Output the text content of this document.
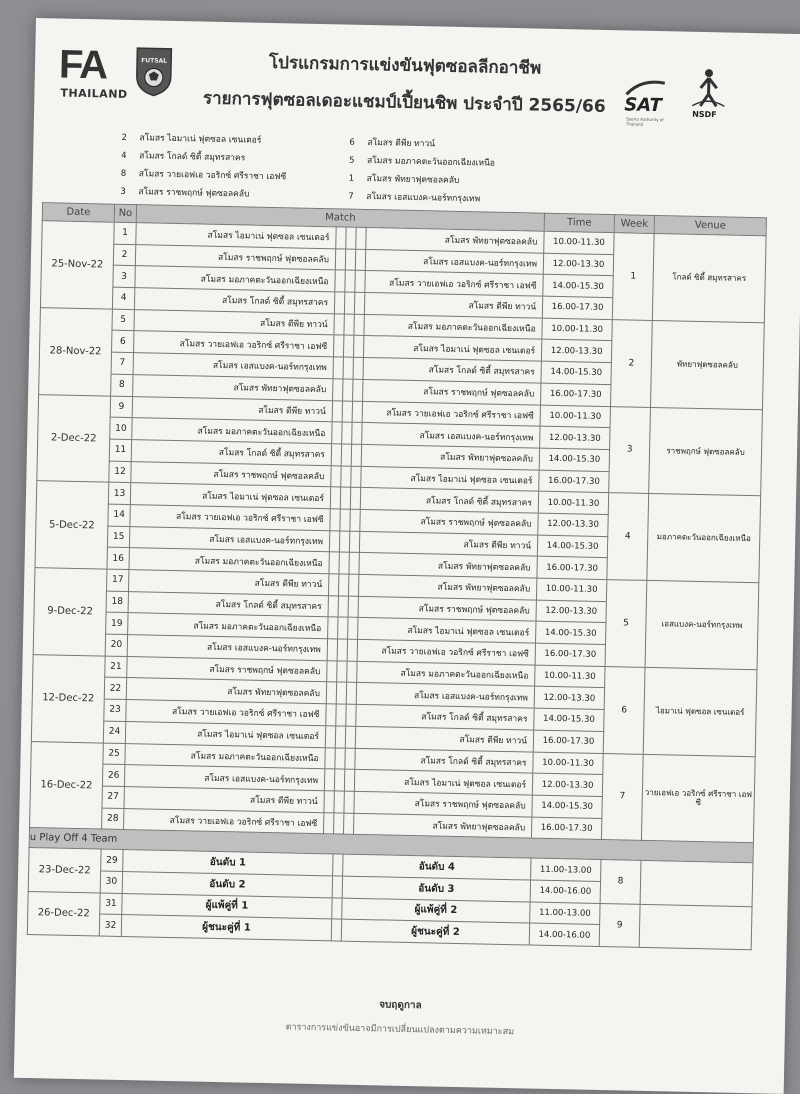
FA
THAILAND
FUTSAL	โปรแกรมการแข่งขันฟุตซอลลีกอาชีพ
รายการฟุตซอลเดอะแชมป์เปี้ยนชิพ ประจำปี 2565/66	SAT
Sports Authority of Thailand
NSDF
2 สโมสร ไอมาเน่ ฟุตซอล เซนเตอร์
4 สโมสร โกลด์ ซิตี้ สมุทรสาคร
8 สโมสร วายเอฟเอ วอริกซ์ ศรีราชา เอฟซี
3 สโมสร ราชพฤกษ์ ฟุตซอลคลับ
6 สโมสร ดีพีย ทาวน์
5 สโมสร มอภาคตะวันออกเฉียงเหนือ
1 สโมสร พัทยาฟุตซอลคลับ
7 สโมสร เอสแบงค-นอร์ทกรุงเทพ
Date	No	Match					Time	Week	Venue
25-Nov-22	1	สโมสร ไอมาเน่ ฟุตซอล เซนเตอร์				สโมสร พัทยาฟุตซอลคลับ	10.00-11.30	1	โกลด์ ซิตี้ สมุทรสาคร
	2	สโมสร ราชพฤกษ์ ฟุตซอลคลับ				สโมสร เอสแบงค-นอร์ทกรุงเทพ	12.00-13.30		
	3	สโมสร มอภาคตะวันออกเฉียงเหนือ				สโมสร วายเอฟเอ วอริกซ์ ศรีราชา เอฟซี	14.00-15.30		
	4	สโมสร โกลด์ ซิตี้ สมุทรสาคร				สโมสร ดีพีย ทาวน์	16.00-17.30		
28-Nov-22	5	สโมสร ดีพีย ทาวน์				สโมสร มอภาคตะวันออกเฉียงเหนือ	10.00-11.30	2	พัทยาฟุตซอลคลับ
	6	สโมสร วายเอฟเอ วอริกซ์ ศรีราชา เอฟซี				สโมสร ไอมาเน่ ฟุตซอล เซนเตอร์	12.00-13.30		
	7	สโมสร เอสแบงค-นอร์ทกรุงเทพ				สโมสร โกลด์ ซิตี้ สมุทรสาคร	14.00-15.30		
	8	สโมสร พัทยาฟุตซอลคลับ				สโมสร ราชพฤกษ์ ฟุตซอลคลับ	16.00-17.30		
2-Dec-22	9	สโมสร ดีพีย ทาวน์				สโมสร วายเอฟเอ วอริกซ์ ศรีราชา เอฟซี	10.00-11.30	3	ราชพฤกษ์ ฟุตซอลคลับ
	10	สโมสร มอภาคตะวันออกเฉียงเหนือ				สโมสร เอสแบงค-นอร์ทกรุงเทพ	12.00-13.30		
	11	สโมสร โกลด์ ซิตี้ สมุทรสาคร				สโมสร พัทยาฟุตซอลคลับ	14.00-15.30		
	12	สโมสร ราชพฤกษ์ ฟุตซอลคลับ				สโมสร ไอมาเน่ ฟุตซอล เซนเตอร์	16.00-17.30		
5-Dec-22	13	สโมสร ไอมาเน่ ฟุตซอล เซนเตอร์				สโมสร โกลด์ ซิตี้ สมุทรสาคร	10.00-11.30	4	มอภาคตะวันออกเฉียงเหนือ
	14	สโมสร วายเอฟเอ วอริกซ์ ศรีราชา เอฟซี				สโมสร ราชพฤกษ์ ฟุตซอลคลับ	12.00-13.30		
	15	สโมสร เอสแบงค-นอร์ทกรุงเทพ				สโมสร ดีพีย ทาวน์	14.00-15.30		
	16	สโมสร มอภาคตะวันออกเฉียงเหนือ				สโมสร พัทยาฟุตซอลคลับ	16.00-17.30		
9-Dec-22	17	สโมสร ดีพีย ทาวน์				สโมสร พัทยาฟุตซอลคลับ	10.00-11.30	5	เอสแบงค-นอร์ทกรุงเทพ
	18	สโมสร โกลด์ ซิตี้ สมุทรสาคร				สโมสร ราชพฤกษ์ ฟุตซอลคลับ	12.00-13.30		
	19	สโมสร มอภาคตะวันออกเฉียงเหนือ				สโมสร ไอมาเน่ ฟุตซอล เซนเตอร์	14.00-15.30		
	20	สโมสร เอสแบงค-นอร์ทกรุงเทพ				สโมสร วายเอฟเอ วอริกซ์ ศรีราชา เอฟซี	16.00-17.30		
12-Dec-22	21	สโมสร ราชพฤกษ์ ฟุตซอลคลับ				สโมสร มอภาคตะวันออกเฉียงเหนือ	10.00-11.30	6	ไอมาเน่ ฟุตซอล เซนเตอร์
	22	สโมสร พัทยาฟุตซอลคลับ				สโมสร เอสแบงค-นอร์ทกรุงเทพ	12.00-13.30		
	23	สโมสร วายเอฟเอ วอริกซ์ ศรีราชา เอฟซี				สโมสร โกลด์ ซิตี้ สมุทรสาคร	14.00-15.30		
	24	สโมสร ไอมาเน่ ฟุตซอล เซนเตอร์				สโมสร ดีพีย ทาวน์	16.00-17.30		
16-Dec-22	25	สโมสร มอภาคตะวันออกเฉียงเหนือ				สโมสร โกลด์ ซิตี้ สมุทรสาคร	10.00-11.30	7	วายเอฟเอ วอริกซ์ ศรีราชา เอฟซี
	26	สโมสร เอสแบงค-นอร์ทกรุงเทพ				สโมสร ไอมาเน่ ฟุตซอล เซนเตอร์	12.00-13.30		
	27	สโมสร ดีพีย ทาวน์				สโมสร ราชพฤกษ์ ฟุตซอลคลับ	14.00-15.30		
	28	สโมสร วายเอฟเอ วอริกซ์ ศรีราชา เอฟซี				สโมสร พัทยาฟุตซอลคลับ	16.00-17.30		
u Play Off 4 Team									
23-Dec-22	29	อันดับ 1			อันดับ 4		11.00-13.00	8	
	30	อันดับ 2			อันดับ 3		14.00-16.00		
26-Dec-22	31	ผู้แพ้คู่ที่ 1			ผู้แพ้คู่ที่ 2		11.00-13.00	9	
	32	ผู้ชนะคู่ที่ 1			ผู้ชนะคู่ที่ 2		14.00-16.00		
จบฤดูกาล
ตารางการแข่งขันอาจมีการเปลี่ยนแปลงตามความเหมาะสม
